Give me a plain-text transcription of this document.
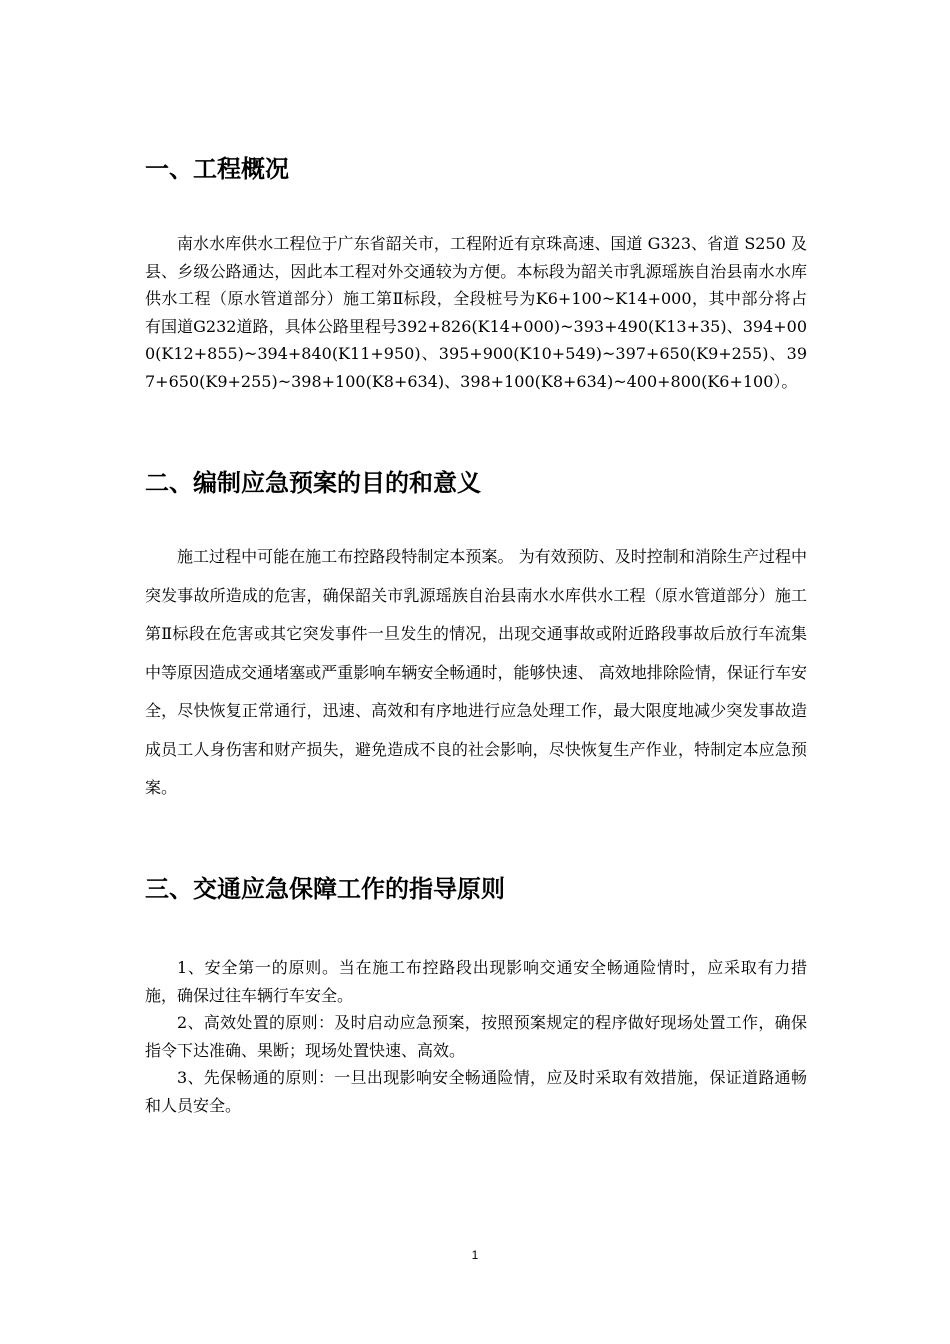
一、工程概况

南水水库供水工程位于广东省韶关市，工程附近有京珠高速、国道 G323、省道 S250 及县、乡级公路通达，因此本工程对外交通较为方便。本标段为韶关市乳源瑶族自治县南水水库供水工程（原水管道部分）施工第Ⅱ标段，全段桩号为K6+100~K14+000，其中部分将占有国道G232道路，具体公路里程号392+826(K14+000)~393+490(K13+35)、394+000(K12+855)~394+840(K11+950)、395+900(K10+549)~397+650(K9+255)、397+650(K9+255)~398+100(K8+634)、398+100(K8+634)~400+800(K6+100）。

二、编制应急预案的目的和意义

施工过程中可能在施工布控路段特制定本预案。 为有效预防、及时控制和消除生产过程中突发事故所造成的危害，确保韶关市乳源瑶族自治县南水水库供水工程（原水管道部分）施工第Ⅱ标段在危害或其它突发事件一旦发生的情况，出现交通事故或附近路段事故后放行车流集中等原因造成交通堵塞或严重影响车辆安全畅通时，能够快速、 高效地排除险情，保证行车安全，尽快恢复正常通行，迅速、高效和有序地进行应急处理工作，最大限度地减少突发事故造成员工人身伤害和财产损失，避免造成不良的社会影响，尽快恢复生产作业，特制定本应急预案。

三、交通应急保障工作的指导原则

1、安全第一的原则。当在施工布控路段出现影响交通安全畅通险情时，应采取有力措施，确保过往车辆行车安全。

2、高效处置的原则：及时启动应急预案，按照预案规定的程序做好现场处置工作，确保指令下达准确、果断；现场处置快速、高效。

3、先保畅通的原则：一旦出现影响安全畅通险情，应及时采取有效措施，保证道路通畅和人员安全。

1
